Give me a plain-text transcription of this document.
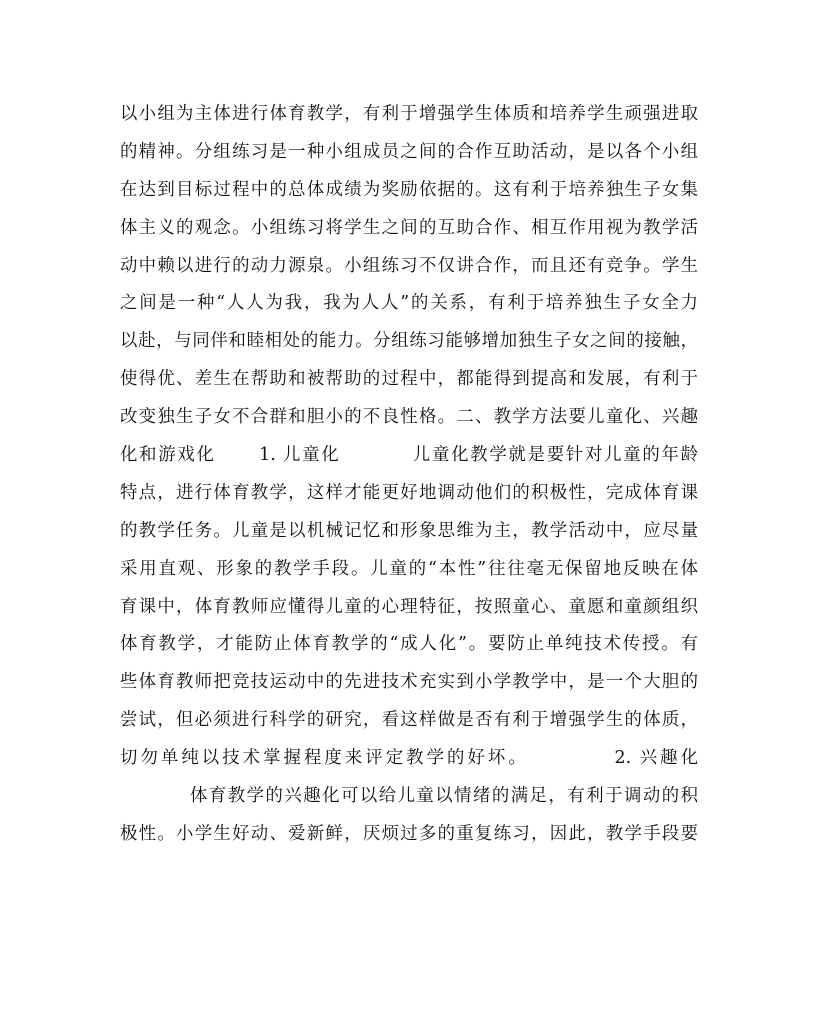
以小组为主体进行体育教学，有利于增强学生体质和培养学生顽强进取
的精神。分组练习是一种小组成员之间的合作互助活动，是以各个小组
在达到目标过程中的总体成绩为奖励依据的。这有利于培养独生子女集
体主义的观念。小组练习将学生之间的互助合作、相互作用视为教学活
动中赖以进行的动力源泉。小组练习不仅讲合作，而且还有竞争。学生
之间是一种“人人为我，我为人人”的关系，有利于培养独生子女全力
以赴，与同伴和睦相处的能力。分组练习能够增加独生子女之间的接触，
使得优、差生在帮助和被帮助的过程中，都能得到提高和发展，有利于
改变独生子女不合群和胆小的不良性格。二、教学方法要儿童化、兴趣
化和游戏化      1. 儿童化          儿童化教学就是要针对儿童的年龄
特点，进行体育教学，这样才能更好地调动他们的积极性，完成体育课
的教学任务。儿童是以机械记忆和形象思维为主，教学活动中，应尽量
采用直观、形象的教学手段。儿童的“本性”往往毫无保留地反映在体
育课中，体育教师应懂得儿童的心理特征，按照童心、童愿和童颜组织
体育教学，才能防止体育教学的“成人化”。要防止单纯技术传授。有
些体育教师把竞技运动中的先进技术充实到小学教学中，是一个大胆的
尝试，但必须进行科学的研究，看这样做是否有利于增强学生的体质，
切勿单纯以技术掌握程度来评定教学的好坏。          2. 兴趣化
体育教学的兴趣化可以给儿童以情绪的满足，有利于调动的积
极性。小学生好动、爱新鲜，厌烦过多的重复练习，因此，教学手段要
